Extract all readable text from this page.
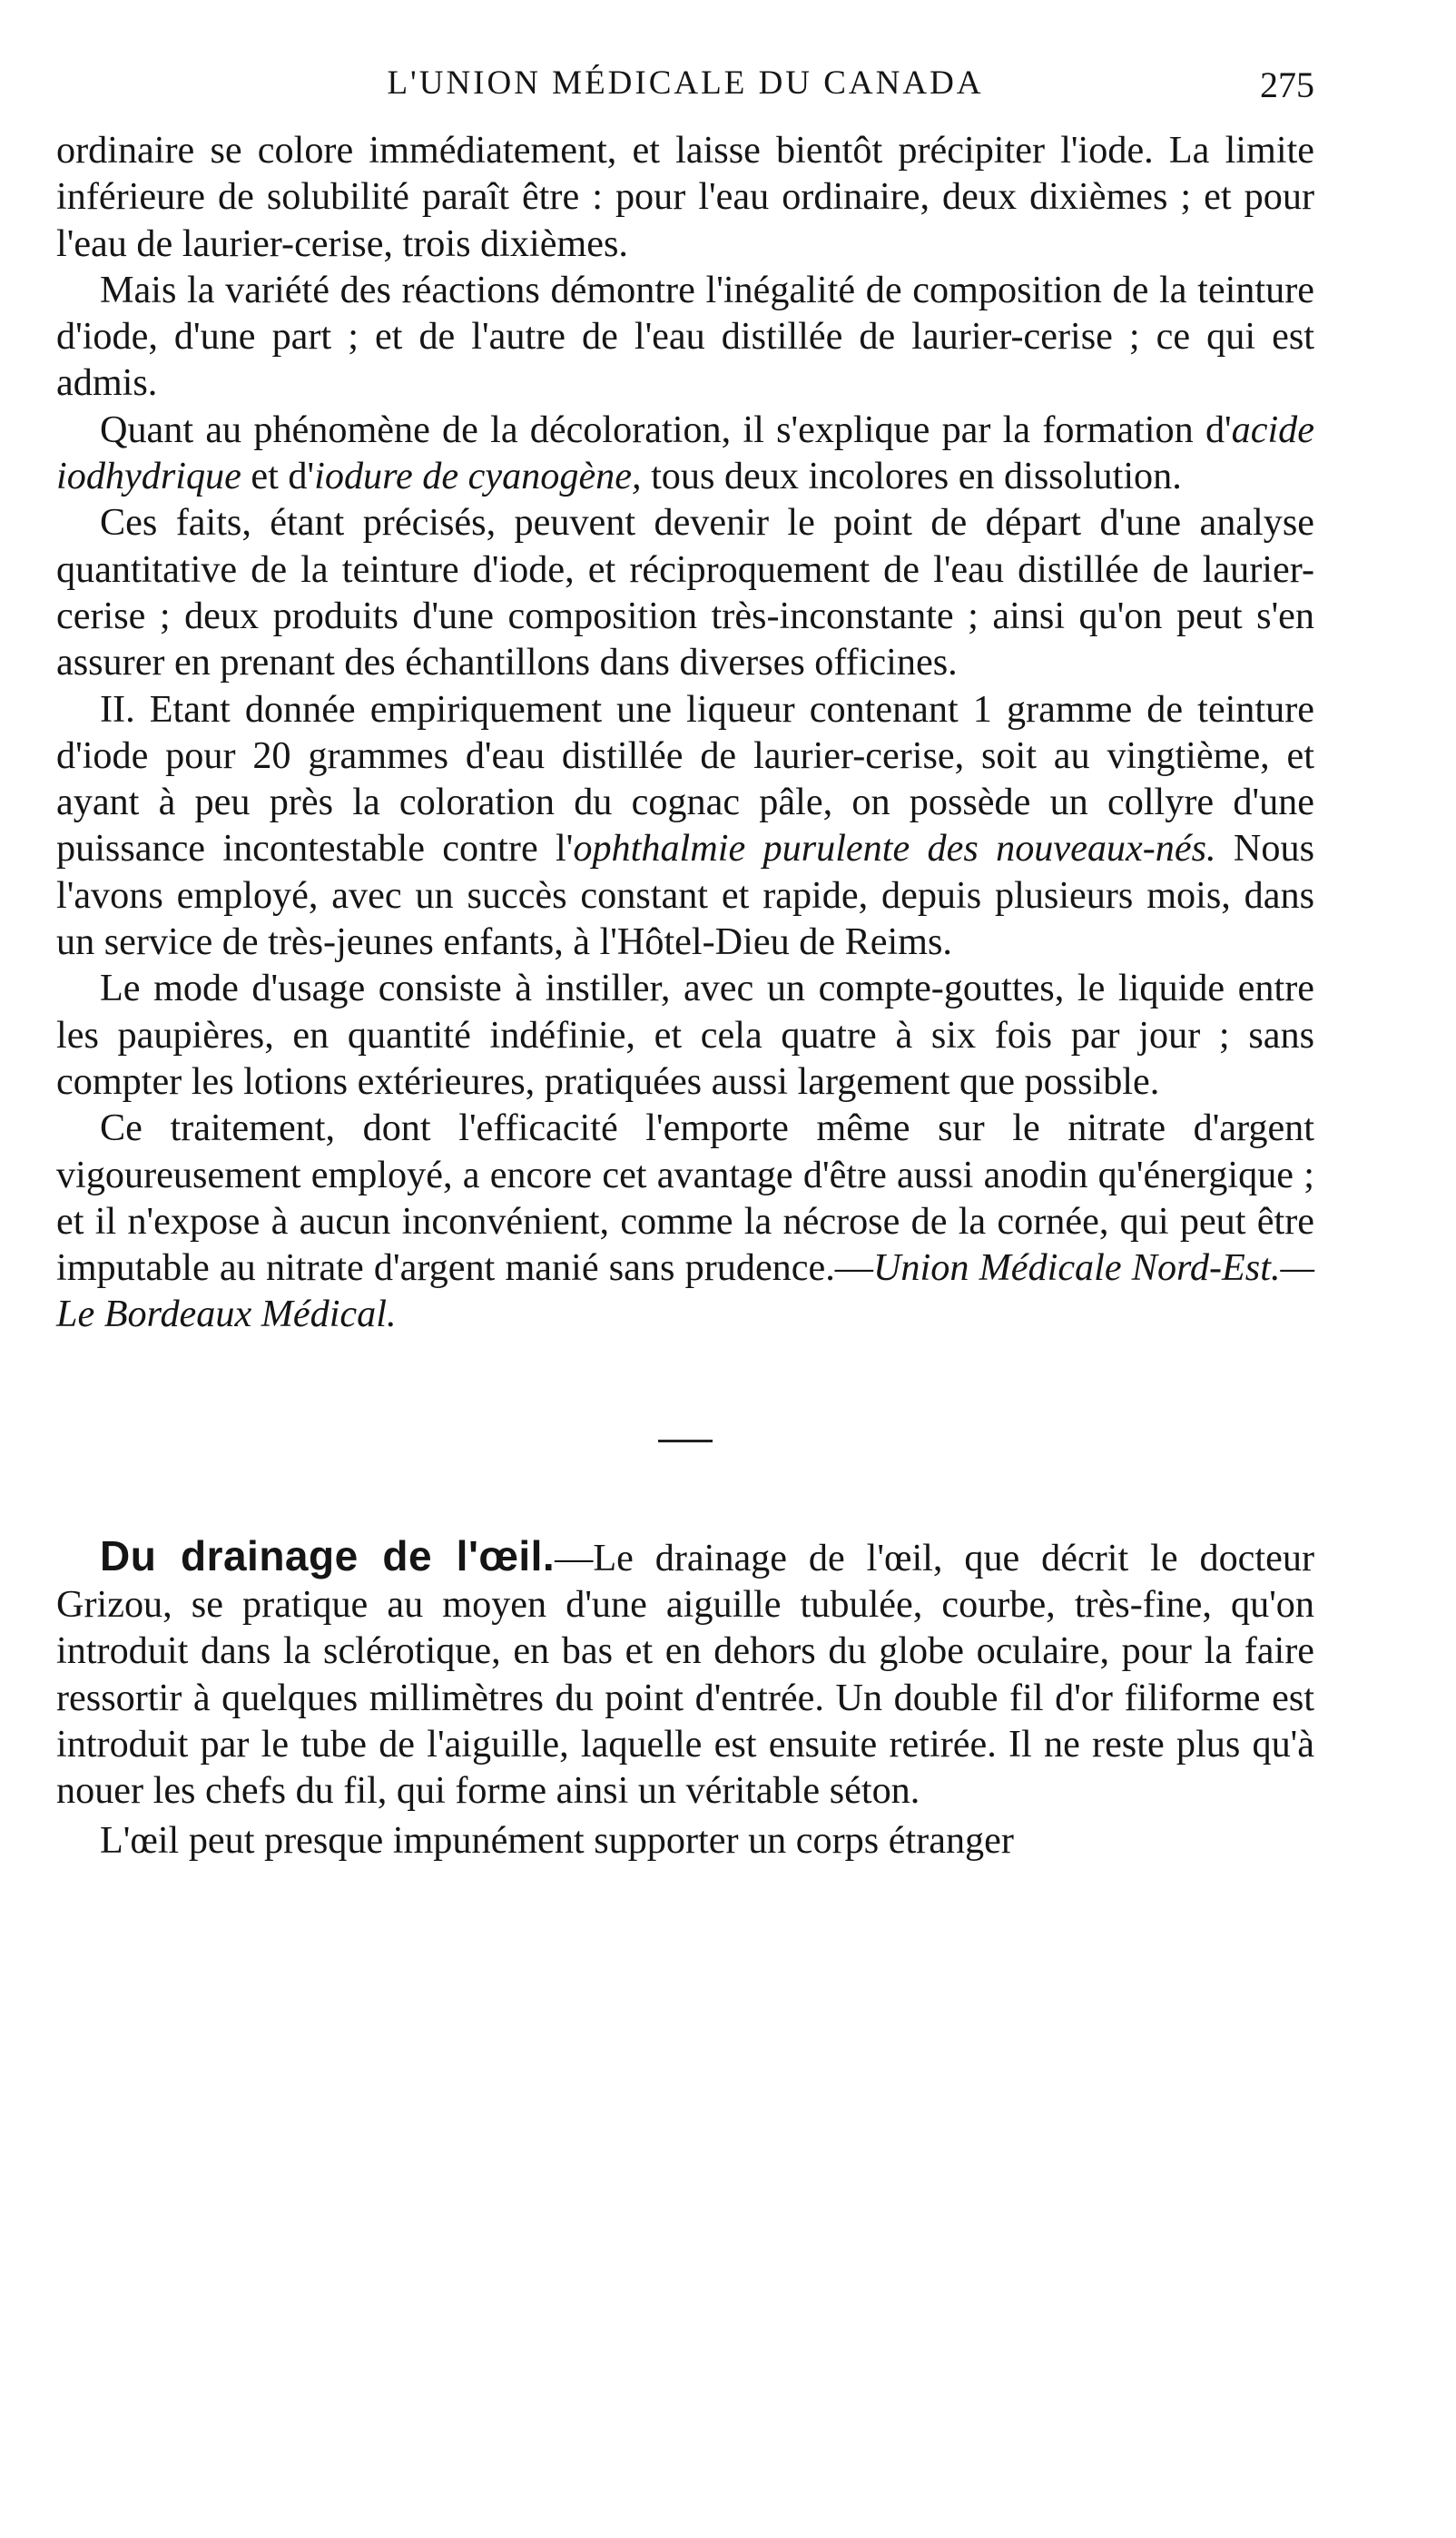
L'UNION MÉDICALE DU CANADA	275

ordinaire se colore immédiatement, et laisse bientôt précipiter l'iode. La limite inférieure de solubilité paraît être : pour l'eau ordinaire, deux dixièmes ; et pour l'eau de laurier-cerise, trois dixièmes.

Mais la variété des réactions démontre l'inégalité de composition de la teinture d'iode, d'une part ; et de l'autre de l'eau distillée de laurier-cerise ; ce qui est admis.

Quant au phénomène de la décoloration, il s'explique par la formation d'acide iodhydrique et d'iodure de cyanogène, tous deux incolores en dissolution.

Ces faits, étant précisés, peuvent devenir le point de départ d'une analyse quantitative de la teinture d'iode, et réciproquement de l'eau distillée de laurier-cerise ; deux produits d'une composition très-inconstante ; ainsi qu'on peut s'en assurer en prenant des échantillons dans diverses officines.

II. Etant donnée empiriquement une liqueur contenant 1 gramme de teinture d'iode pour 20 grammes d'eau distillée de laurier-cerise, soit au vingtième, et ayant à peu près la coloration du cognac pâle, on possède un collyre d'une puissance incontestable contre l'ophthalmie purulente des nouveaux-nés. Nous l'avons employé, avec un succès constant et rapide, depuis plusieurs mois, dans un service de très-jeunes enfants, à l'Hôtel-Dieu de Reims.

Le mode d'usage consiste à instiller, avec un compte-gouttes, le liquide entre les paupières, en quantité indéfinie, et cela quatre à six fois par jour ; sans compter les lotions extérieures, pratiquées aussi largement que possible.

Ce traitement, dont l'efficacité l'emporte même sur le nitrate d'argent vigoureusement employé, a encore cet avantage d'être aussi anodin qu'énergique ; et il n'expose à aucun inconvénient, comme la nécrose de la cornée, qui peut être imputable au nitrate d'argent manié sans prudence.—Union Médicale Nord-Est.—Le Bordeaux Médical.

Du drainage de l'œil.—Le drainage de l'œil, que décrit le docteur Grizou, se pratique au moyen d'une aiguille tubulée, courbe, très-fine, qu'on introduit dans la sclérotique, en bas et en dehors du globe oculaire, pour la faire ressortir à quelques millimètres du point d'entrée. Un double fil d'or filiforme est introduit par le tube de l'aiguille, laquelle est ensuite retirée. Il ne reste plus qu'à nouer les chefs du fil, qui forme ainsi un véritable séton.

L'œil peut presque impunément supporter un corps étranger
